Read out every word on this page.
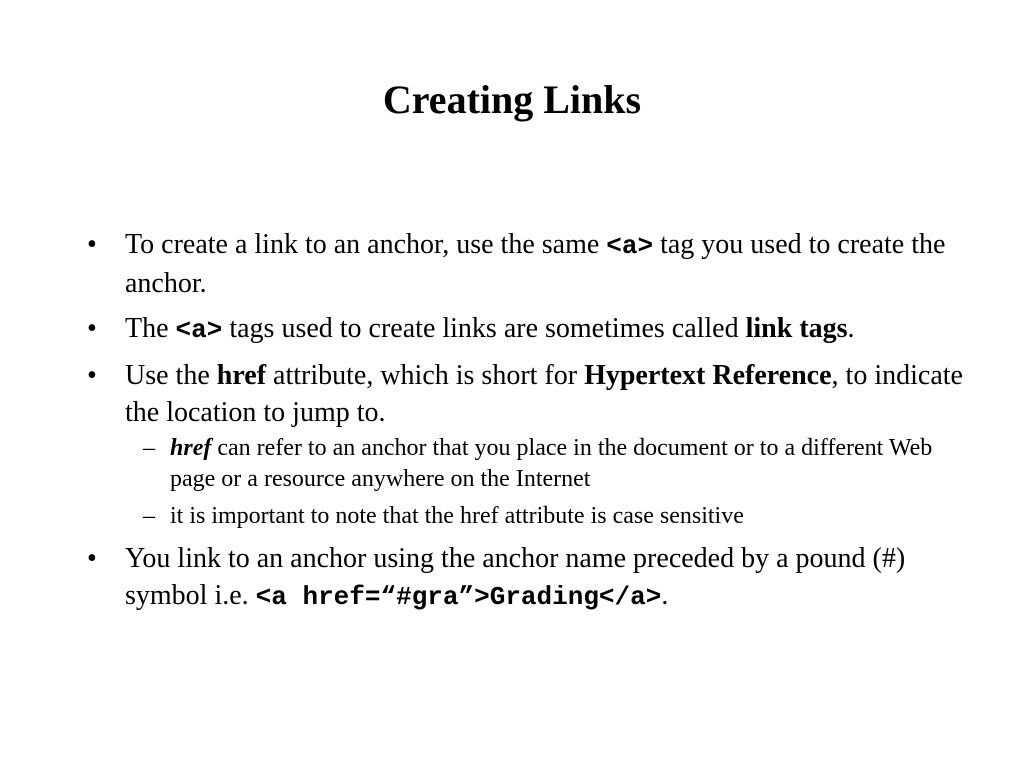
Creating Links
• To create a link to an anchor, use the same <a> tag you used to create the anchor.
• The <a> tags used to create links are sometimes called link tags.
• Use the href attribute, which is short for Hypertext Reference, to indicate the location to jump to.
– href can refer to an anchor that you place in the document or to a different Web page or a resource anywhere on the Internet
– it is important to note that the href attribute is case sensitive
• You link to an anchor using the anchor name preceded by a pound (#) symbol i.e. <a href=“#gra”>Grading</a>.
